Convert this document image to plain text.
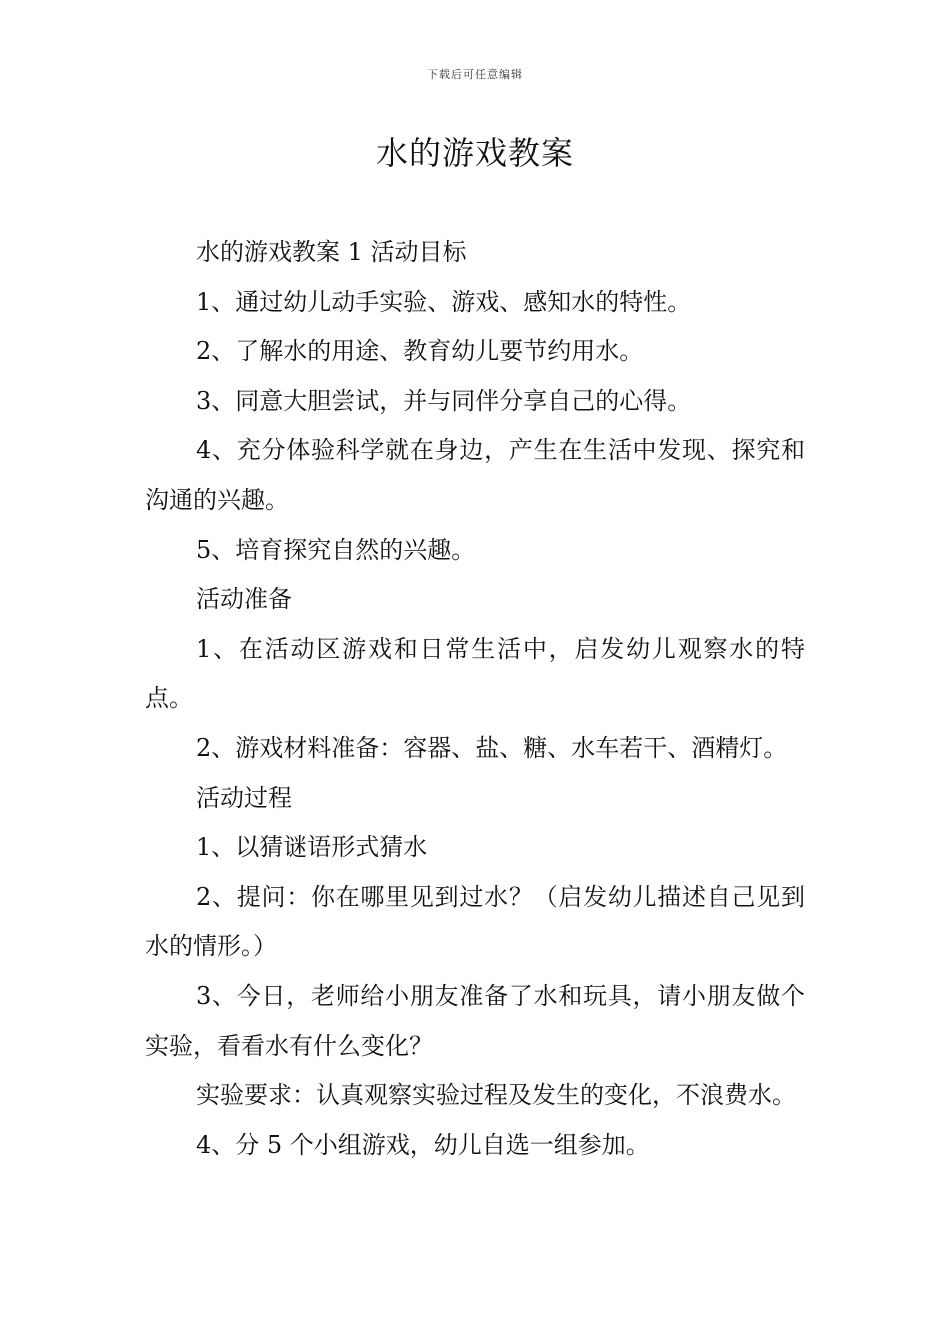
下载后可任意编辑
水的游戏教案

水的游戏教案 1 活动目标

1、通过幼儿动手实验、游戏、感知水的特性。

2、了解水的用途、教育幼儿要节约用水。

3、同意大胆尝试，并与同伴分享自己的心得。

4、充分体验科学就在身边，产生在生活中发现、探究和沟通的兴趣。

5、培育探究自然的兴趣。

活动准备

1、在活动区游戏和日常生活中，启发幼儿观察水的特点。

2、游戏材料准备：容器、盐、糖、水车若干、酒精灯。

活动过程

1、以猜谜语形式猜水

2、提问：你在哪里见到过水？（启发幼儿描述自己见到水的情形。）

3、今日，老师给小朋友准备了水和玩具，请小朋友做个实验，看看水有什么变化？

实验要求：认真观察实验过程及发生的变化，不浪费水。

4、分 5 个小组游戏，幼儿自选一组参加。
